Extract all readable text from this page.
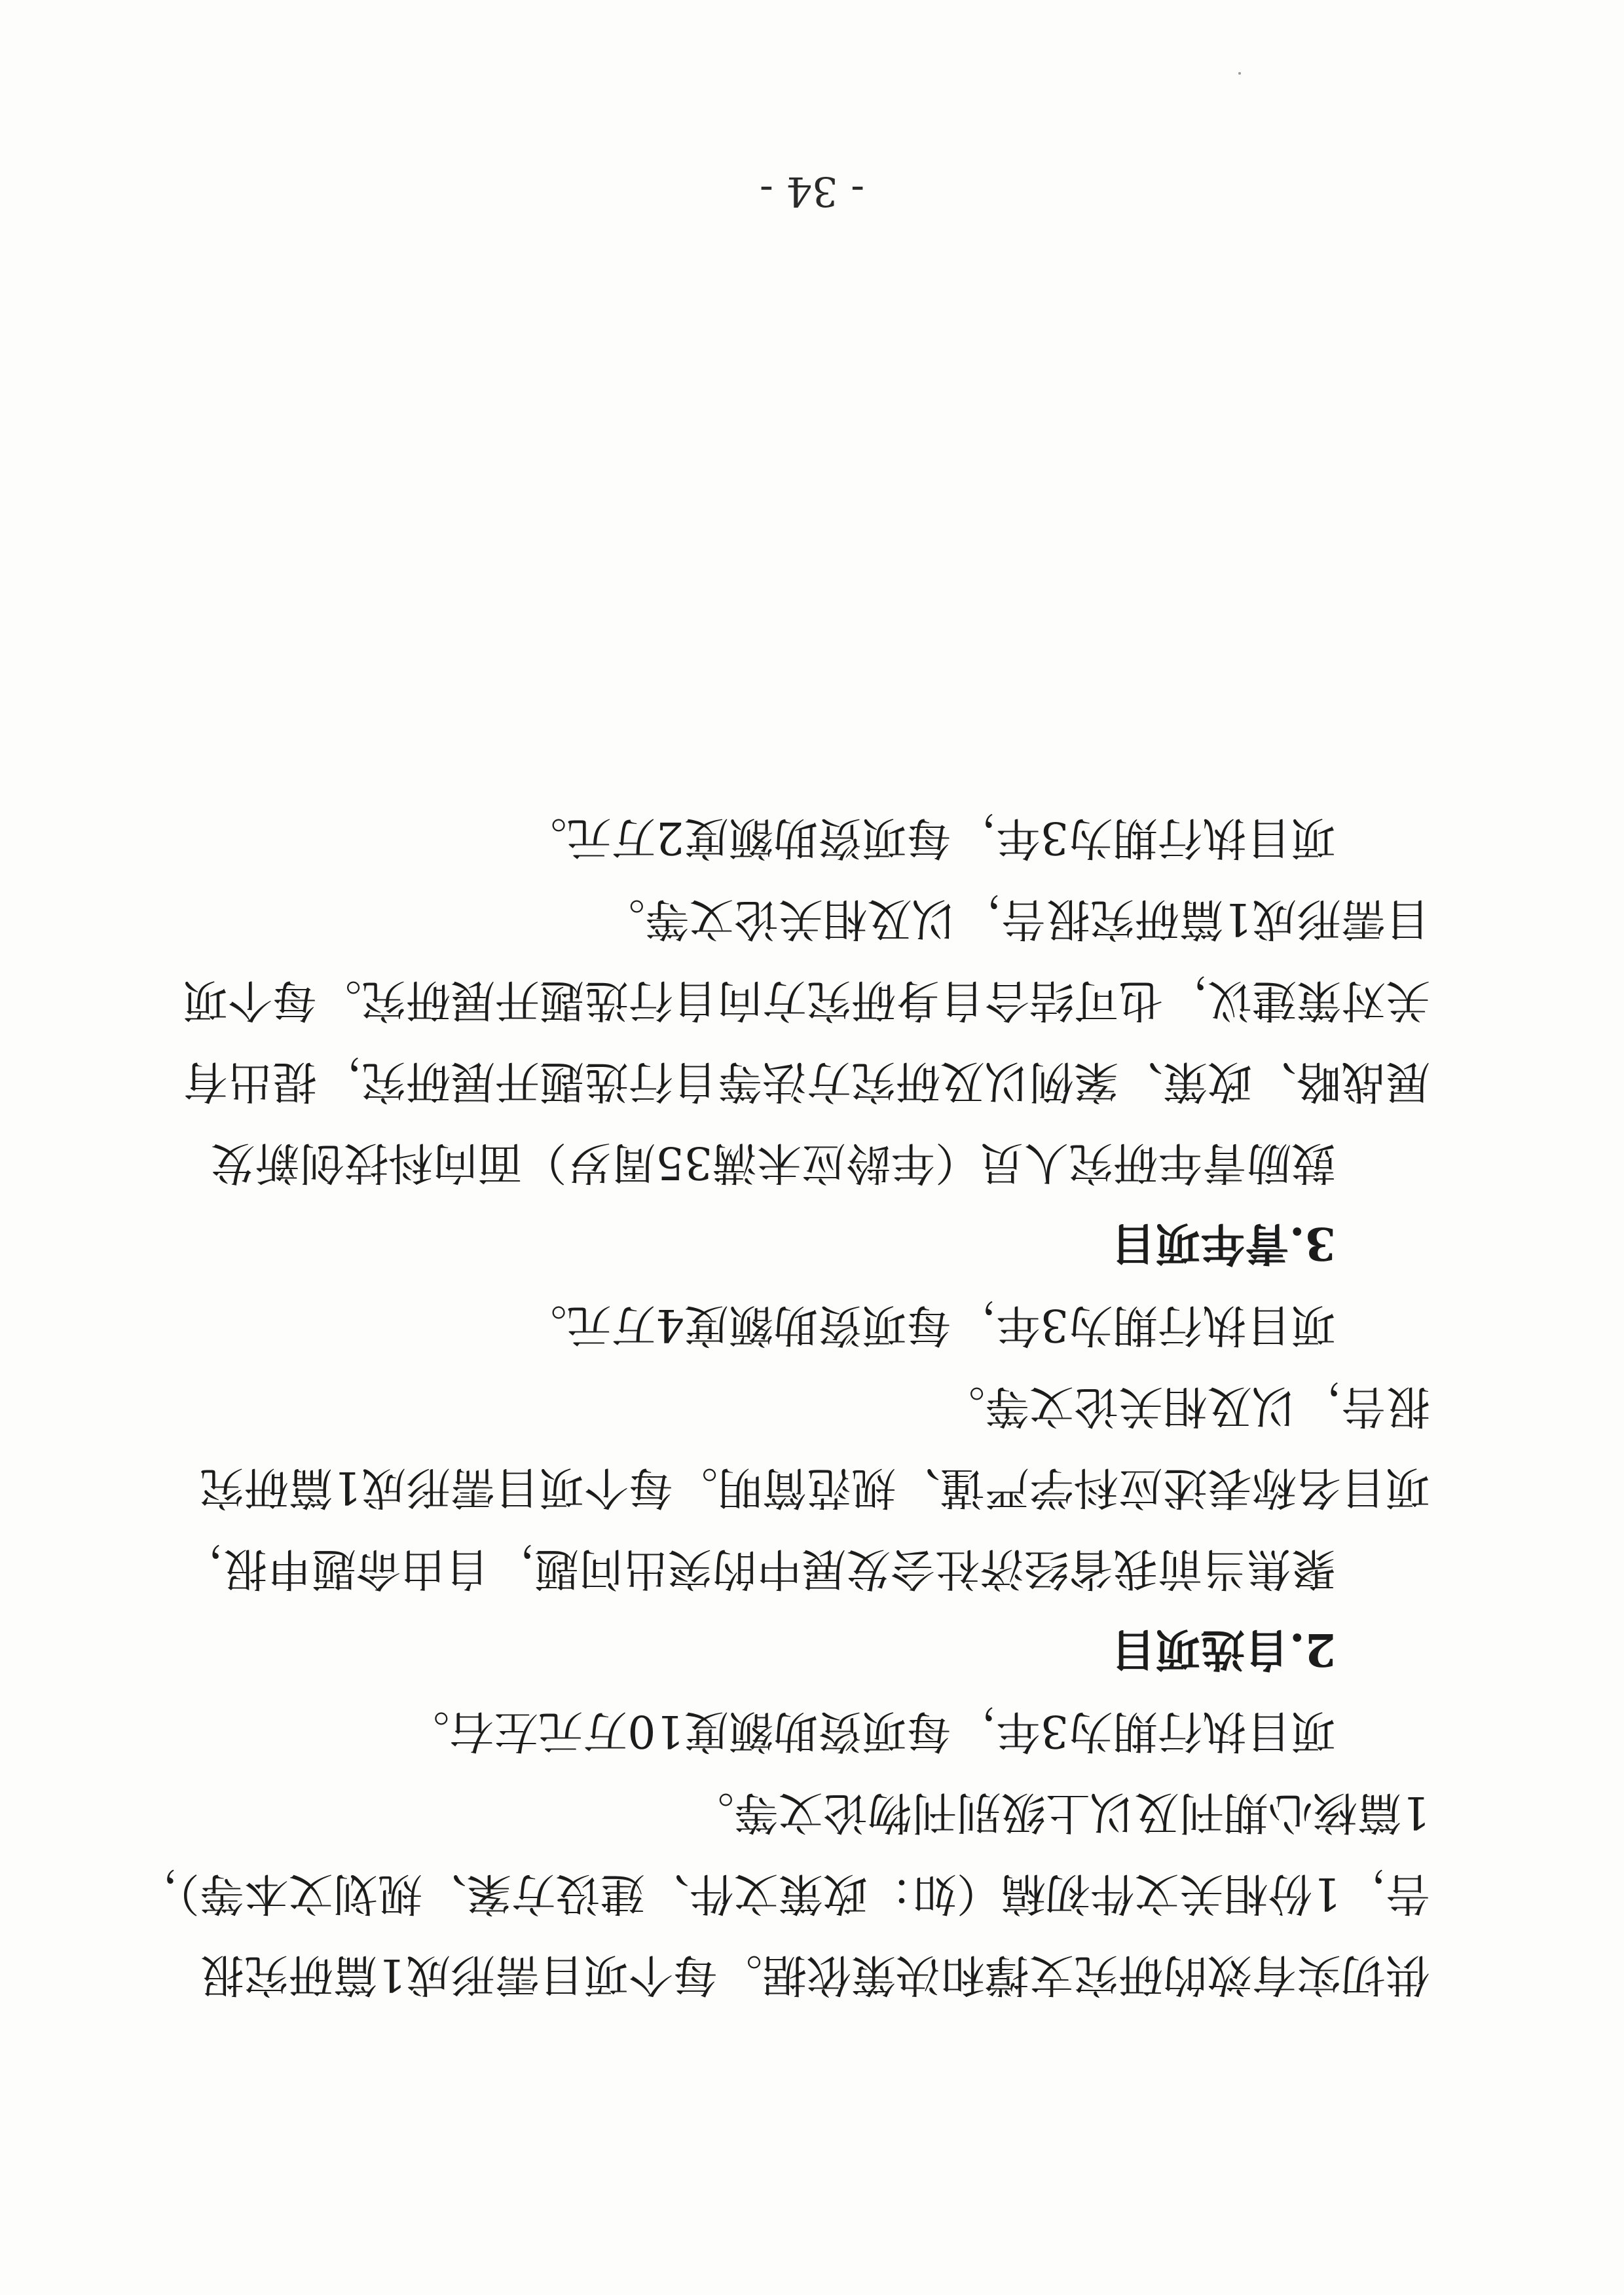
供切实有效的研究支撑和决策依据。每个项目需形成1篇研究报
告，1份相关文件初稿（如：政策文件、建设方案、规划文本等），
1篇核心期刊及以上级别刊物论文等。
项目执行期为3年，每项资助额度10万元左右。
2.自选项目
聚焦当前我省经济社会发展中的突出问题，自由命题申报，
项目名称表述应科学严谨、规范简明。每个项目需形成1篇研究
报告，以及相关论文等。
项目执行期为3年，每项资助额度4万元。
3.青年项目
鼓励青年研究人员（年龄应未满35周岁）面向科技创新发
展战略、政策、案例以及研究方法等自行选题开展研究，提出有
关对策建议，也可结合自身研究方向自行选题开展研究。每个项
目需形成1篇研究报告，以及相关论文等。
项目执行期为3年，每项资助额度2万元。
- 34 -
